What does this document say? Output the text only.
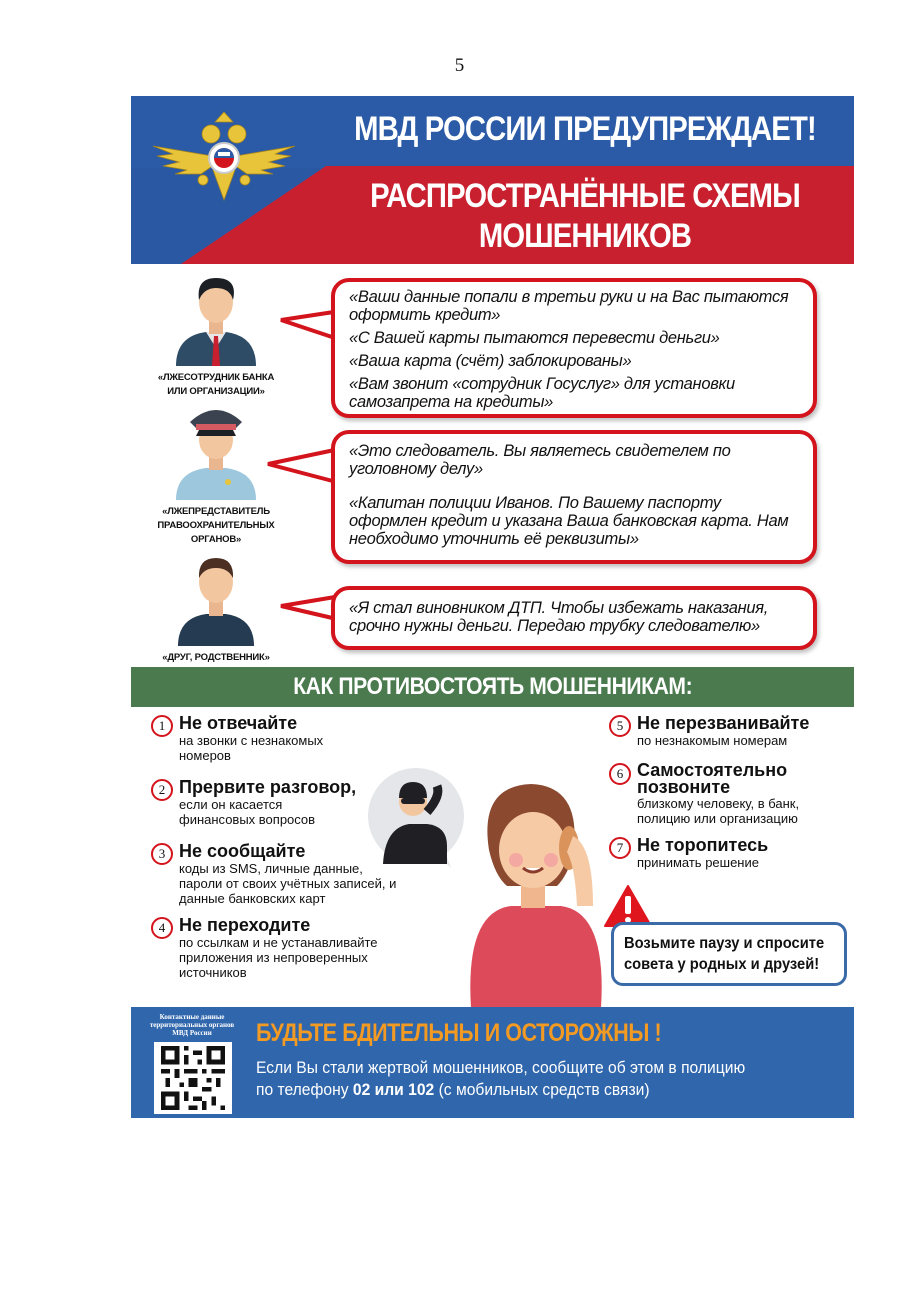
5
МВД РОССИИ ПРЕДУПРЕЖДАЕТ!
РАСПРОСТРАНЁННЫЕ СХЕМЫ
МОШЕННИКОВ
«ЛЖЕСОТРУДНИК БАНКА
ИЛИ ОРГАНИЗАЦИИ»

«Ваши данные попали в третьи руки и на Вас пытаются оформить кредит»

«С Вашей карты пытаются перевести деньги»

«Ваша карта (счёт) заблокированы»

«Вам звонит «сотрудник Госуслуг» для установки самозапрета на кредиты»

«ЛЖЕПРЕДСТАВИТЕЛЬ
ПРАВООХРАНИТЕЛЬНЫХ
ОРГАНОВ»

«Это следователь. Вы являетесь свидетелем по уголовному делу»

«Капитан полиции Иванов. По Вашему паспорту оформлен кредит и указана Ваша банковская карта. Нам необходимо уточнить её реквизиты»

«ДРУГ, РОДСТВЕННИК»

«Я стал виновником ДТП. Чтобы избежать наказания, срочно нужны деньги. Передаю трубку следователю»

КАК ПРОТИВОСТОЯТЬ МОШЕННИКАМ:
1 Не отвечайте
на звонки с незнакомых номеров
2 Прервите разговор,
если он касается финансовых вопросов
3 Не сообщайте
коды из SMS, личные данные, пароли от своих учётных записей, и данные банковских карт
4 Не переходите
по ссылкам и не устанавливайте приложения из непроверенных источников
5 Не перезванивайте
по незнакомым номерам
6 Самостоятельно позвоните
близкому человеку, в банк, полицию или организацию
7 Не торопитесь
принимать решение

Возьмите паузу и спросите

совета у родных и друзей!

Контактные данные территориальных органов МВД России	БУДЬТЕ БДИТЕЛЬНЫ И ОСТОРОЖНЫ !
Если Вы стали жертвой мошенников, сообщите об этом в полицию
по телефону 02 или 102 (с мобильных средств связи)
